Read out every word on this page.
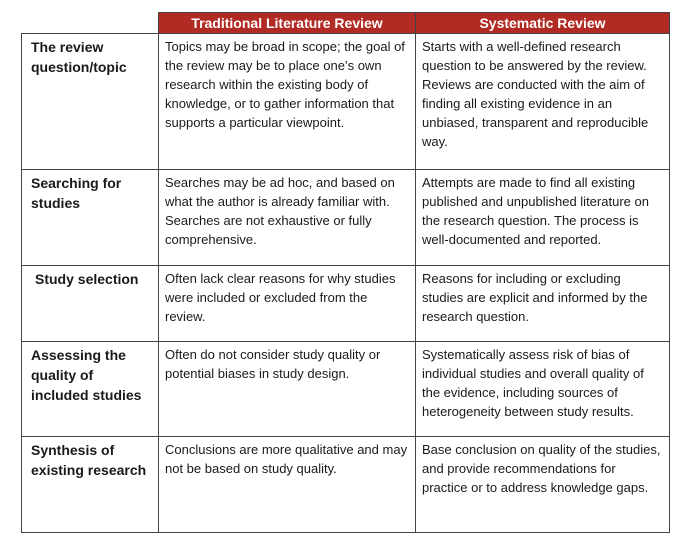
	Traditional Literature Review	Systematic Review
The review question/topic	Topics may be broad in scope; the goal of the review may be to place one’s own research within the existing body of knowledge, or to gather information that supports a particular viewpoint.	Starts with a well-defined research question to be answered by the review. Reviews are conducted with the aim of finding all existing evidence in an unbiased, transparent and reproducible way.
Searching for studies	Searches may be ad hoc, and based on what the author is already familiar with. Searches are not exhaustive or fully comprehensive.	Attempts are made to find all existing published and unpublished literature on the research question. The process is well-documented and reported.
Study selection	Often lack clear reasons for why studies were included or excluded from the review.	Reasons for including or excluding studies are explicit and informed by the research question.
Assessing the quality of included studies	Often do not consider study quality or potential biases in study design.	Systematically assess risk of bias of individual studies and overall quality of the evidence, including sources of heterogeneity between study results.
Synthesis of existing research	Conclusions are more qualitative and may not be based on study quality.	Base conclusion on quality of the studies, and provide recommendations for practice or to address knowledge gaps.
